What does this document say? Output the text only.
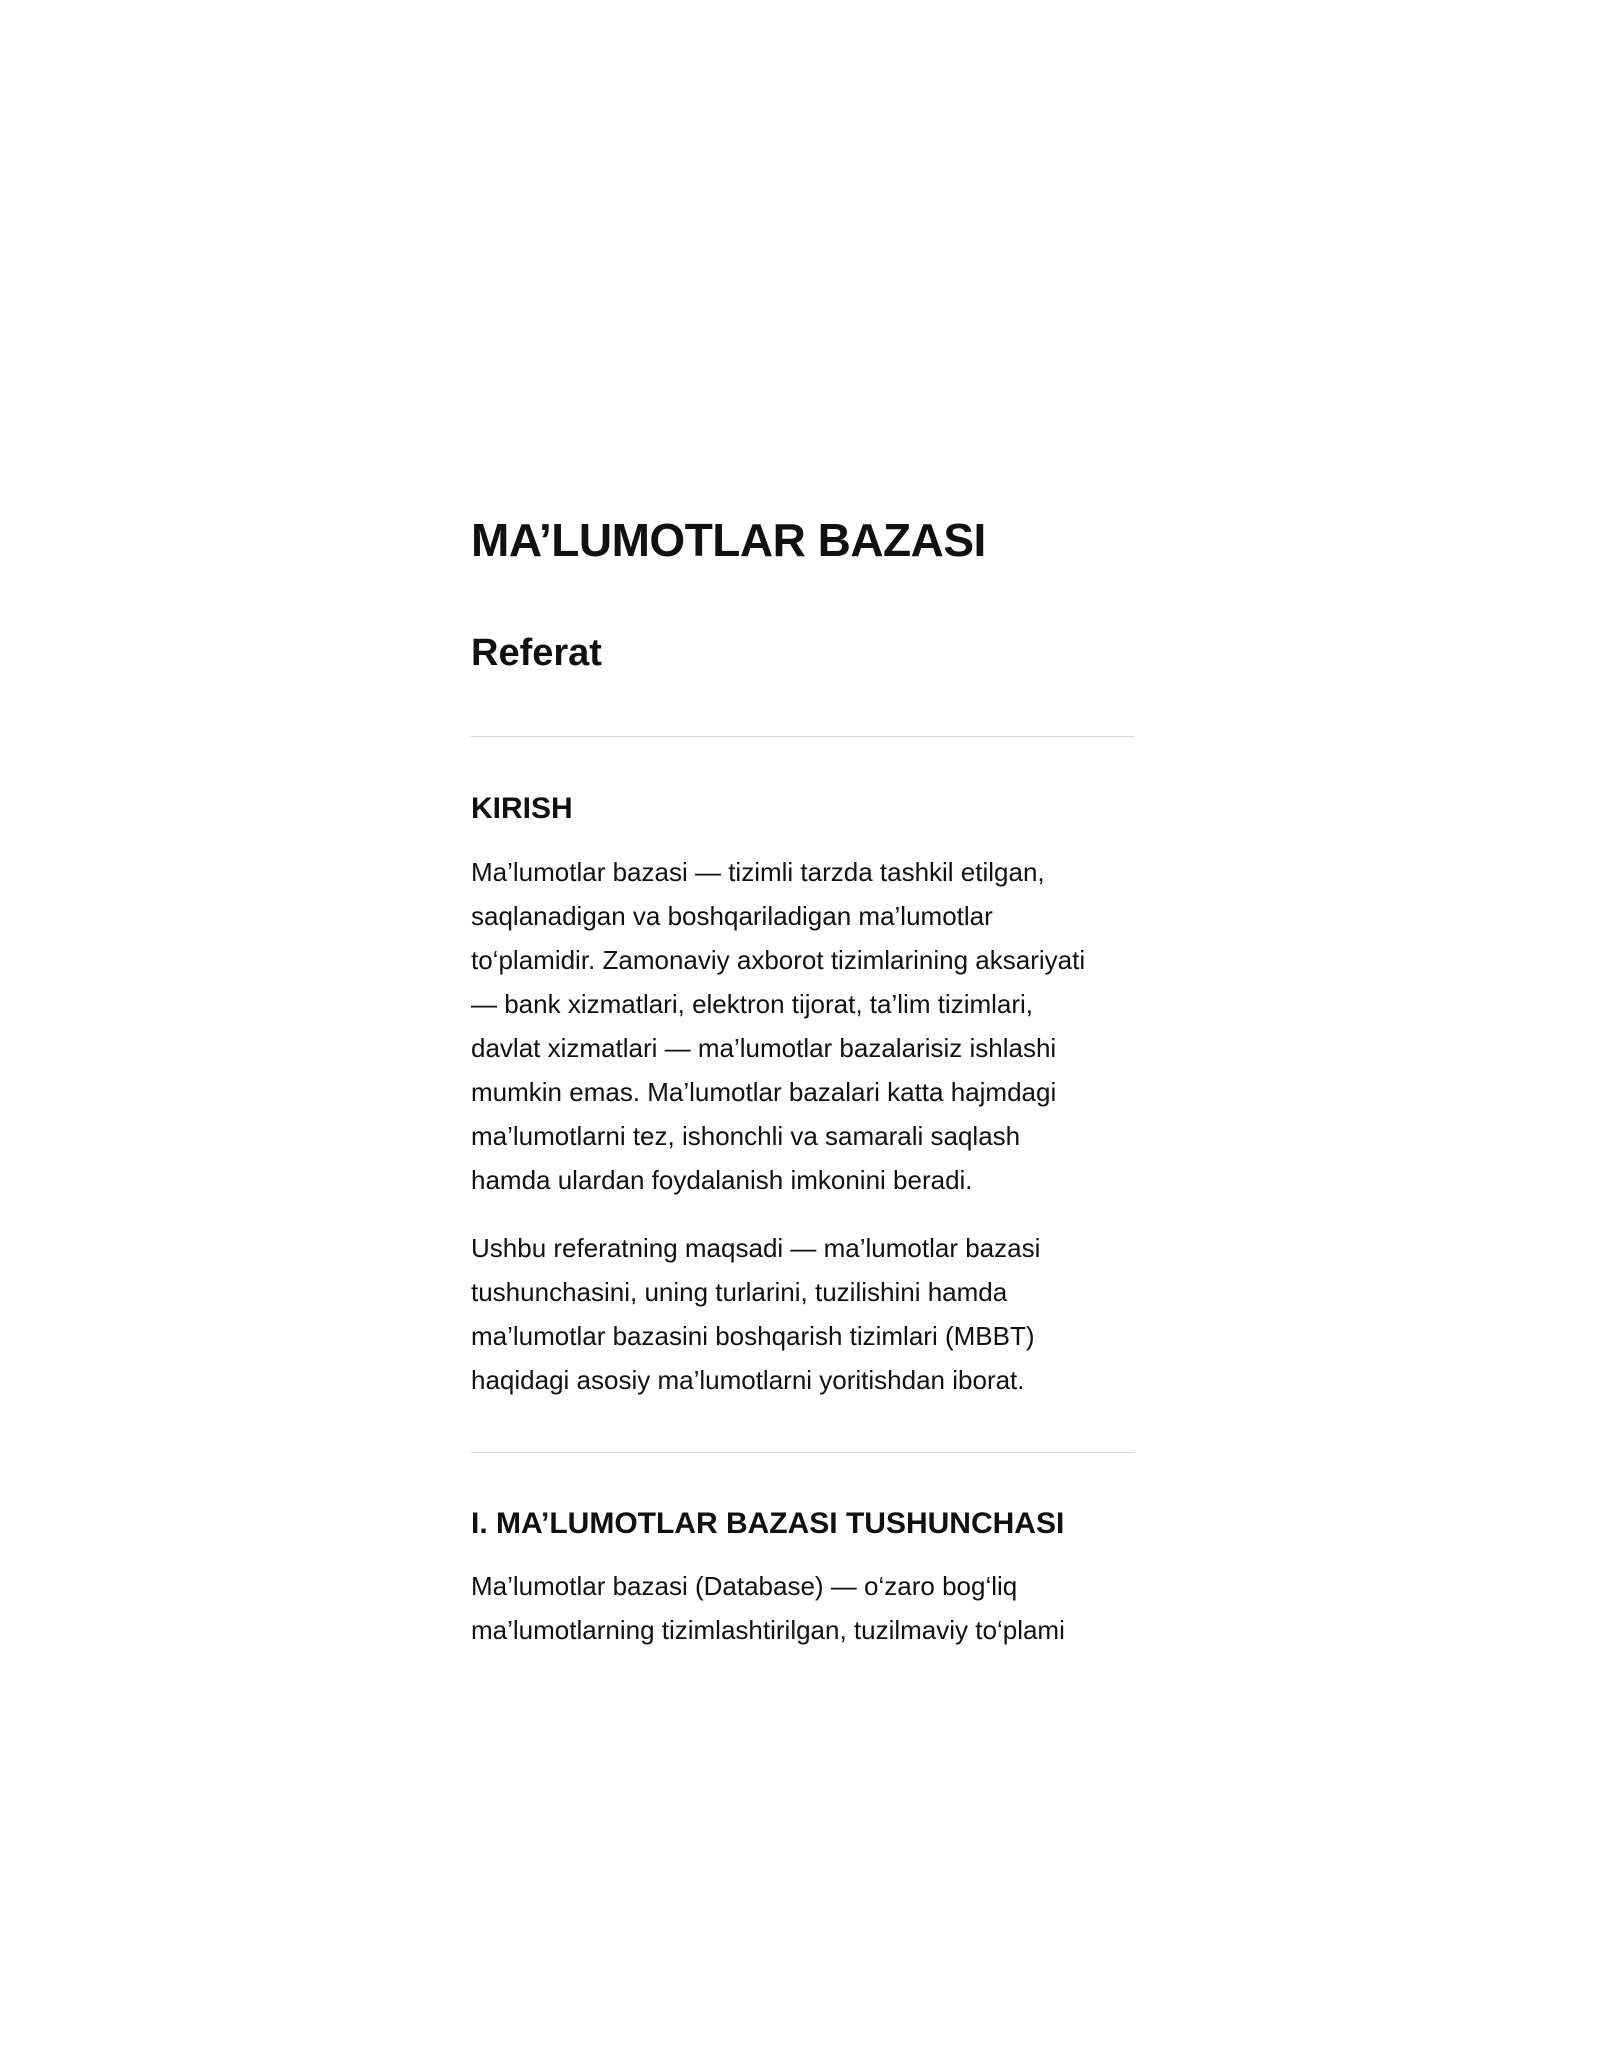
MA’LUMOTLAR BAZASI
Referat
KIRISH

Ma’lumotlar bazasi — tizimli tarzda tashkil etilgan,
saqlanadigan va boshqariladigan ma’lumotlar
to‘plamidir. Zamonaviy axborot tizimlarining aksariyati
— bank xizmatlari, elektron tijorat, ta’lim tizimlari,
davlat xizmatlari — ma’lumotlar bazalarisiz ishlashi
mumkin emas. Ma’lumotlar bazalari katta hajmdagi
ma’lumotlarni tez, ishonchli va samarali saqlash
hamda ulardan foydalanish imkonini beradi.

Ushbu referatning maqsadi — ma’lumotlar bazasi
tushunchasini, uning turlarini, tuzilishini hamda
ma’lumotlar bazasini boshqarish tizimlari (MBBT)
haqidagi asosiy ma’lumotlarni yoritishdan iborat.

I. MA’LUMOTLAR BAZASI TUSHUNCHASI

Ma’lumotlar bazasi (Database) — o‘zaro bog‘liq
ma’lumotlarning tizimlashtirilgan, tuzilmaviy to‘plami
